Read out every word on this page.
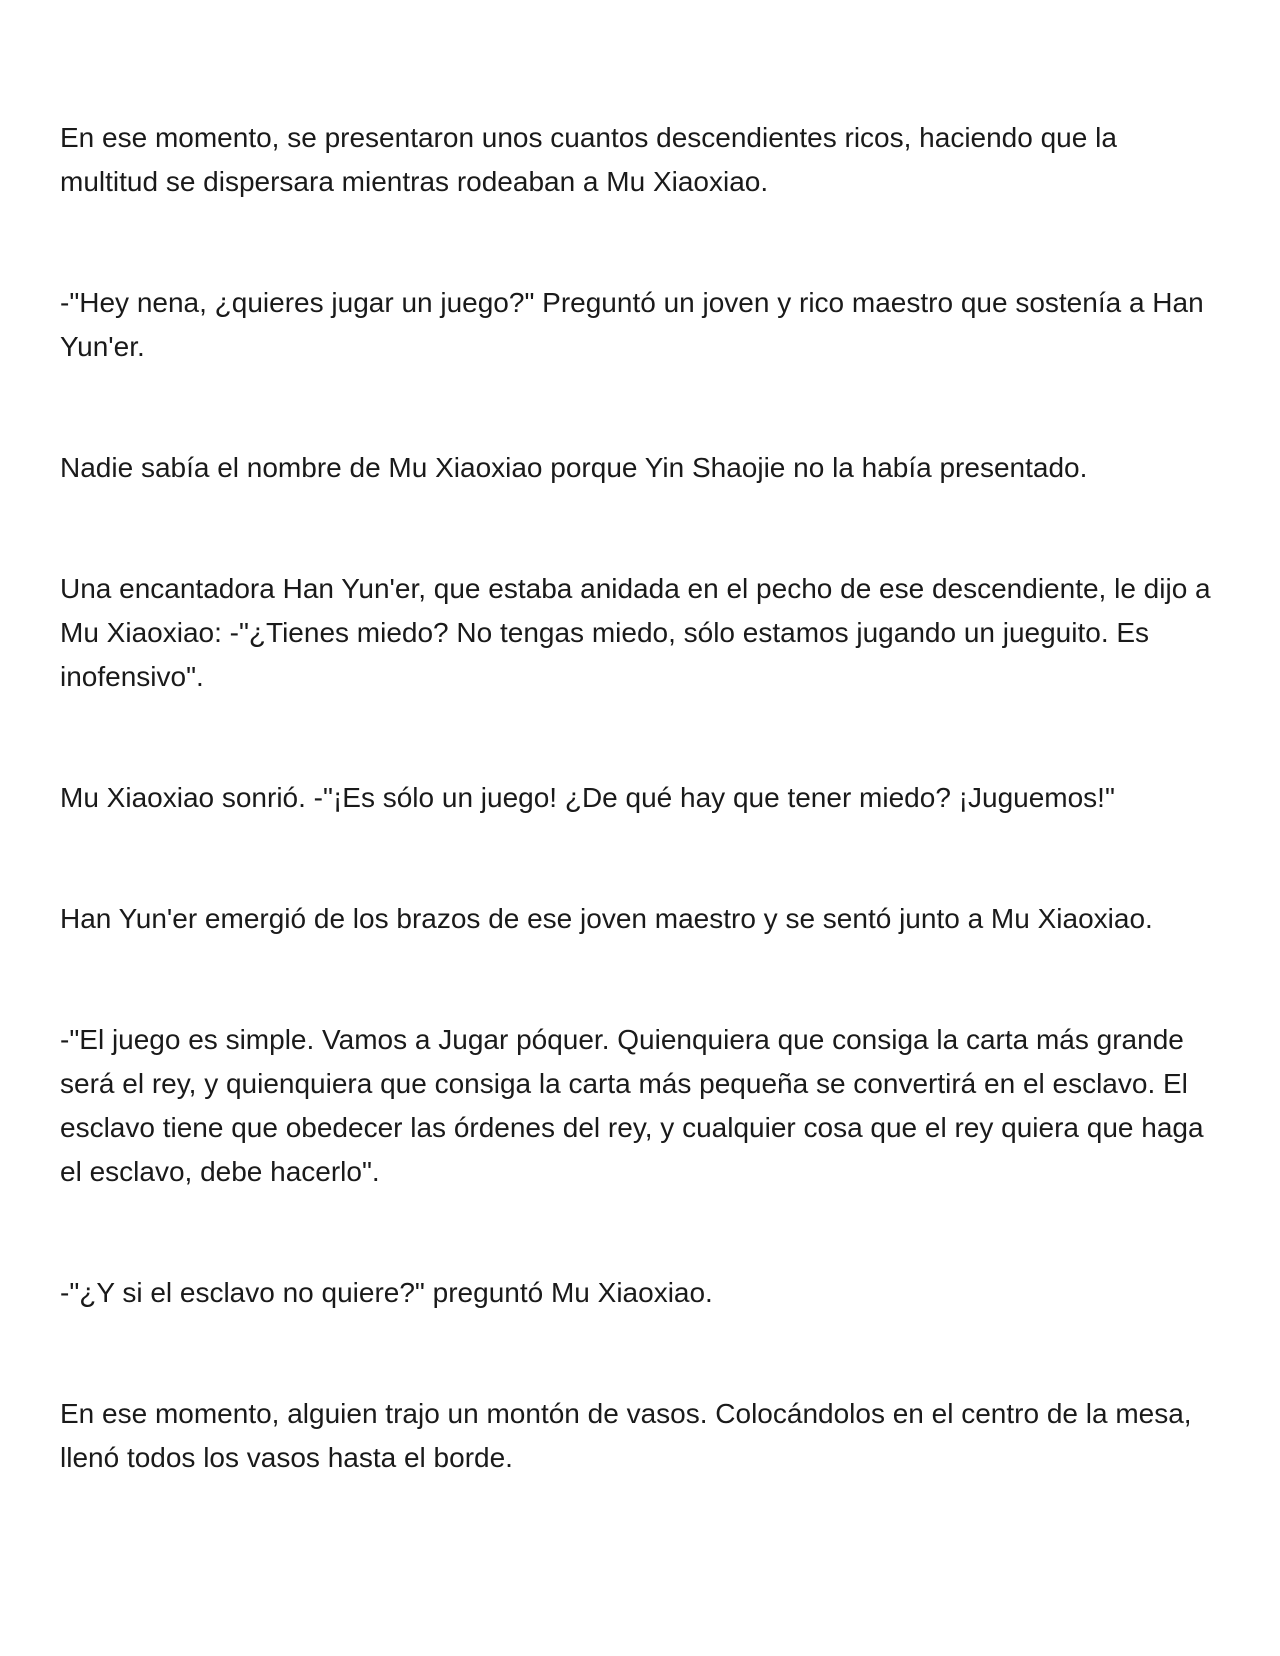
En ese momento, se presentaron unos cuantos descendientes ricos, haciendo que la multitud se dispersara mientras rodeaban a Mu Xiaoxiao.

-"Hey nena, ¿quieres jugar un juego?" Preguntó un joven y rico maestro que sostenía a Han Yun'er.

Nadie sabía el nombre de Mu Xiaoxiao porque Yin Shaojie no la había presentado.

Una encantadora Han Yun'er, que estaba anidada en el pecho de ese descendiente, le dijo a Mu Xiaoxiao: -"¿Tienes miedo? No tengas miedo, sólo estamos jugando un jueguito. Es inofensivo".

Mu Xiaoxiao sonrió. -"¡Es sólo un juego! ¿De qué hay que tener miedo? ¡Juguemos!"

Han Yun'er emergió de los brazos de ese joven maestro y se sentó junto a Mu Xiaoxiao.

-"El juego es simple. Vamos a Jugar póquer. Quienquiera que consiga la carta más grande será el rey, y quienquiera que consiga la carta más pequeña se convertirá en el esclavo. El esclavo tiene que obedecer las órdenes del rey, y cualquier cosa que el rey quiera que haga el esclavo, debe hacerlo".

-"¿Y si el esclavo no quiere?" preguntó Mu Xiaoxiao.

En ese momento, alguien trajo un montón de vasos. Colocándolos en el centro de la mesa, llenó todos los vasos hasta el borde.
